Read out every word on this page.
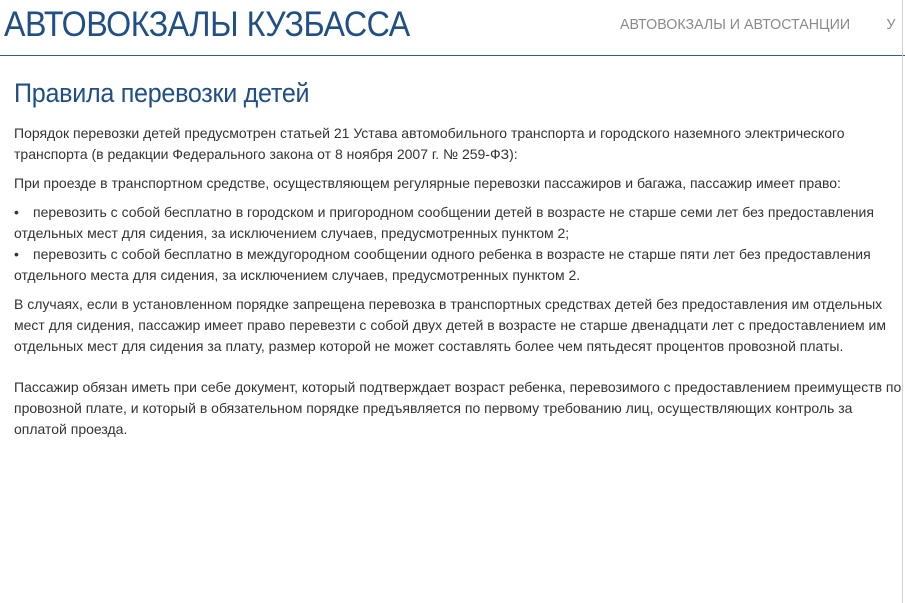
АВТОВОКЗАЛЫ КУЗБАССА	АВТОВОКЗАЛЫ И АВТОСТАНЦИИ У
Правила перевозки детей

Порядок перевозки детей предусмотрен статьей 21 Устава автомобильного транспорта и городского наземного электрического транспорта (в редакции Федерального закона от 8 ноября 2007 г. № 259-ФЗ):

При проезде в транспортном средстве, осуществляющем регулярные перевозки пассажиров и багажа, пассажир имеет право:

• перевозить с собой бесплатно в городском и пригородном сообщении детей в возрасте не старше семи лет без предоставления отдельных мест для сидения, за исключением случаев, предусмотренных пунктом 2;
• перевозить с собой бесплатно в междугородном сообщении одного ребенка в возрасте не старше пяти лет без предоставления отдельного места для сидения, за исключением случаев, предусмотренных пунктом 2.

В случаях, если в установленном порядке запрещена перевозка в транспортных средствах детей без предоставления им отдельных мест для сидения, пассажир имеет право перевезти с собой двух детей в возрасте не старше двенадцати лет с предоставлением им отдельных мест для сидения за плату, размер которой не может составлять более чем пятьдесят процентов провозной платы.

Пассажир обязан иметь при себе документ, который подтверждает возраст ребенка, перевозимого с предоставлением преимуществ по провозной плате, и который в обязательном порядке предъявляется по первому требованию лиц, осуществляющих контроль за оплатой проезда.
